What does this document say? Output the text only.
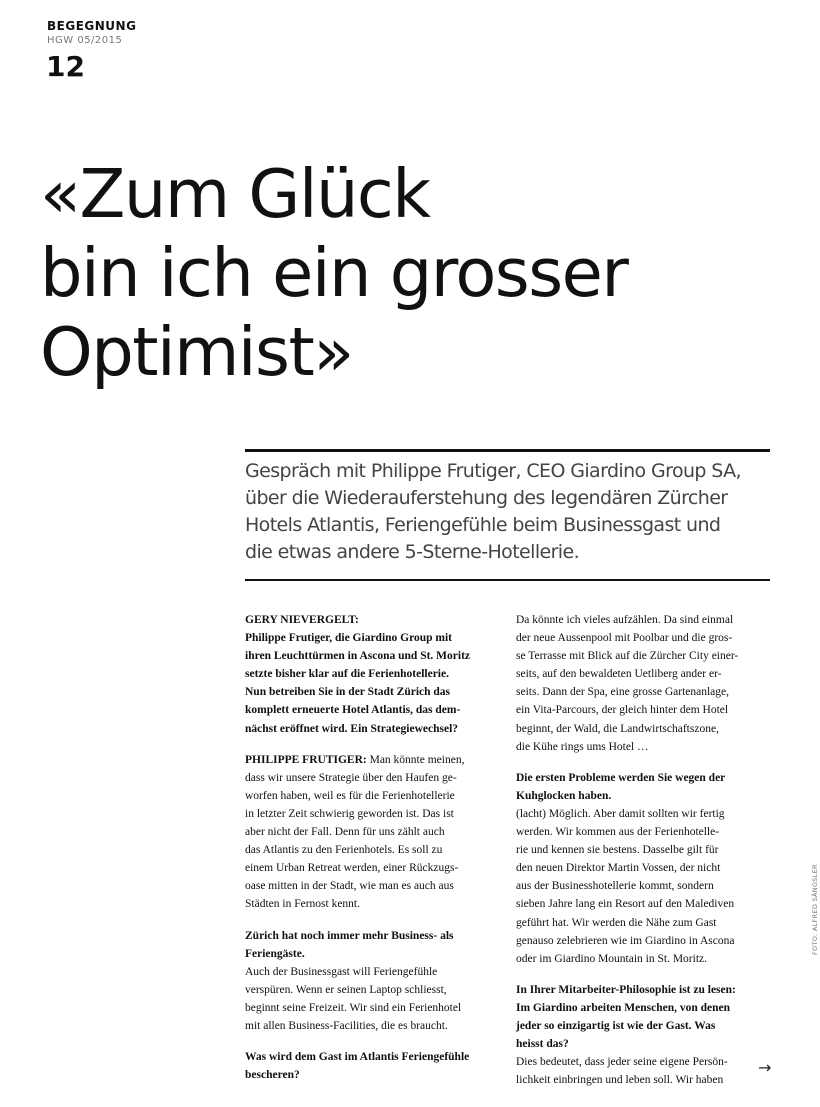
BEGEGNUNG
HGW 05/2015
12
«Zum Glück
bin ich ein grosser
Optimist»
Gespräch mit Philippe Frutiger, CEO Giardino Group SA,
über die Wiederauferstehung des legendären Zürcher
Hotels Atlantis, Feriengefühle beim Businessgast und
die etwas andere 5-Sterne-Hotellerie.
GERY NIEVERGELT:
Philippe Frutiger, die Giardino Group mit
ihren Leuchttürmen in Ascona und St. Moritz
setzte bisher klar auf die Ferienhotellerie.
Nun betreiben Sie in der Stadt Zürich das
komplett erneuerte Hotel Atlantis, das dem-
nächst eröffnet wird. Ein Strategiewechsel?
PHILIPPE FRUTIGER: Man könnte meinen,
dass wir unsere Strategie über den Haufen ge-
worfen haben, weil es für die Ferienhotellerie
in letzter Zeit schwierig geworden ist. Das ist
aber nicht der Fall. Denn für uns zählt auch
das Atlantis zu den Ferienhotels. Es soll zu
einem Urban Retreat werden, einer Rückzugs-
oase mitten in der Stadt, wie man es auch aus
Städten in Fernost kennt.
Zürich hat noch immer mehr Business- als
Feriengäste.
Auch der Businessgast will Feriengefühle
verspüren. Wenn er seinen Laptop schliesst,
beginnt seine Freizeit. Wir sind ein Ferienhotel
mit allen Business-Facilities, die es braucht.
Was wird dem Gast im Atlantis Feriengefühle
bescheren?
Da könnte ich vieles aufzählen. Da sind einmal
der neue Aussenpool mit Poolbar und die gros-
se Terrasse mit Blick auf die Zürcher City einer-
seits, auf den bewaldeten Uetliberg ander er-
seits. Dann der Spa, eine grosse Gartenanlage,
ein Vita-Parcours, der gleich hinter dem Hotel
beginnt, der Wald, die Landwirtschaftszone,
die Kühe rings ums Hotel …
Die ersten Probleme werden Sie wegen der
Kuhglocken haben.
(lacht) Möglich. Aber damit sollten wir fertig
werden. Wir kommen aus der Ferienhotelle-
rie und kennen sie bestens. Dasselbe gilt für
den neuen Direktor Martin Vossen, der nicht
aus der Businesshotellerie kommt, sondern
sieben Jahre lang ein Resort auf den Malediven
geführt hat. Wir werden die Nähe zum Gast
genauso zelebrieren wie im Giardino in Ascona
oder im Giardino Mountain in St. Moritz.
In Ihrer Mitarbeiter-Philosophie ist zu lesen:
Im Giardino arbeiten Menschen, von denen
jeder so einzigartig ist wie der Gast. Was
heisst das?
Dies bedeutet, dass jeder seine eigene Persön-
lichkeit einbringen und leben soll. Wir haben
FOTO: ALFRED SÄNGSLER
→
